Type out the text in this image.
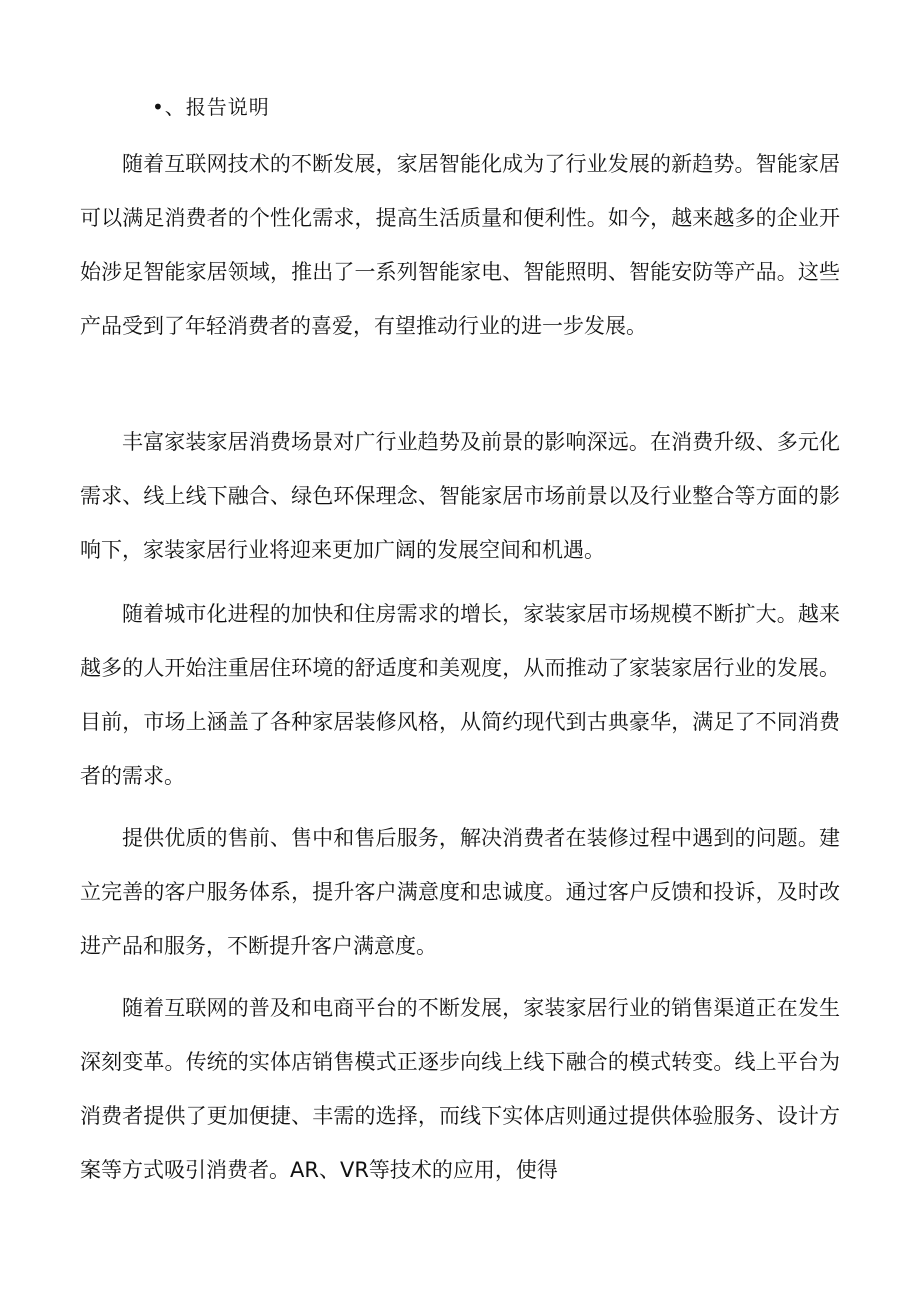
•、报告说明

随着互联网技术的不断发展，家居智能化成为了行业发展的新趋势。智能家居可以满足消费者的个性化需求，提高生活质量和便利性。如今，越来越多的企业开始涉足智能家居领域，推出了一系列智能家电、智能照明、智能安防等产品。这些产品受到了年轻消费者的喜爱，有望推动行业的进一步发展。

丰富家装家居消费场景对广行业趋势及前景的影响深远。在消费升级、多元化需求、线上线下融合、绿色环保理念、智能家居市场前景以及行业整合等方面的影响下，家装家居行业将迎来更加广阔的发展空间和机遇。

随着城市化进程的加快和住房需求的增长，家装家居市场规模不断扩大。越来越多的人开始注重居住环境的舒适度和美观度，从而推动了家装家居行业的发展。目前，市场上涵盖了各种家居装修风格，从简约现代到古典豪华，满足了不同消费者的需求。

提供优质的售前、售中和售后服务，解决消费者在装修过程中遇到的问题。建立完善的客户服务体系，提升客户满意度和忠诚度。通过客户反馈和投诉，及时改进产品和服务，不断提升客户满意度。

随着互联网的普及和电商平台的不断发展，家装家居行业的销售渠道正在发生深刻变革。传统的实体店销售模式正逐步向线上线下融合的模式转变。线上平台为消费者提供了更加便捷、丰需的选择，而线下实体店则通过提供体验服务、设计方案等方式吸引消费者。AR、VR等技术的应用，使得
